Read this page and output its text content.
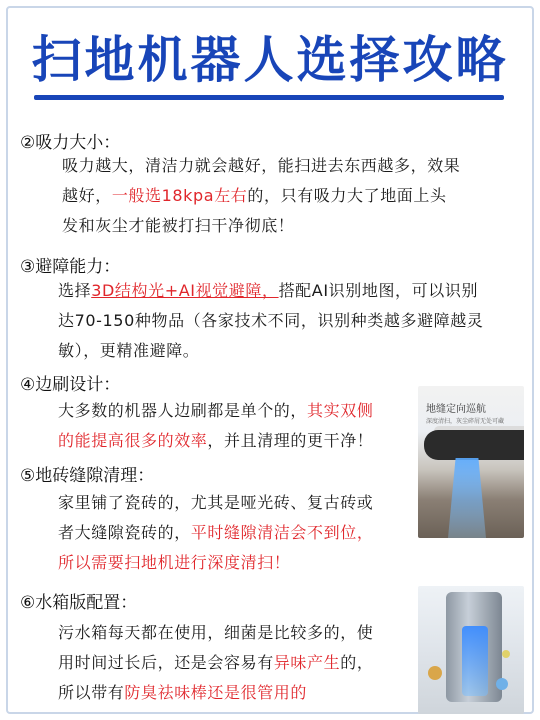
扫地机器人选择攻略
②吸力大小：

吸力越大，清洁力就会越好，能扫进去东西越多，效果

越好，一般选18kpa左右的，只有吸力大了地面上头

发和灰尘才能被打扫干净彻底！

③避障能力：

选择3D结构光+AI视觉避障，搭配AI识别地图，可以识别

达70-150种物品（各家技术不同，识别种类越多避障越灵

敏），更精准避障。

④边刷设计：

大多数的机器人边刷都是单个的，其实双侧

的能提高很多的效率，并且清理的更干净！

⑤地砖缝隙清理：

家里铺了瓷砖的，尤其是哑光砖、复古砖或

者大缝隙瓷砖的，平时缝隙清洁会不到位，

所以需要扫地机进行深度清扫！

⑥水箱版配置：

污水箱每天都在使用，细菌是比较多的，使

用时间过长后，还是会容易有异味产生的，

所以带有防臭祛味棒还是很管用的

地缝定向巡航
深度清扫，灰尘碎屑无处可藏
